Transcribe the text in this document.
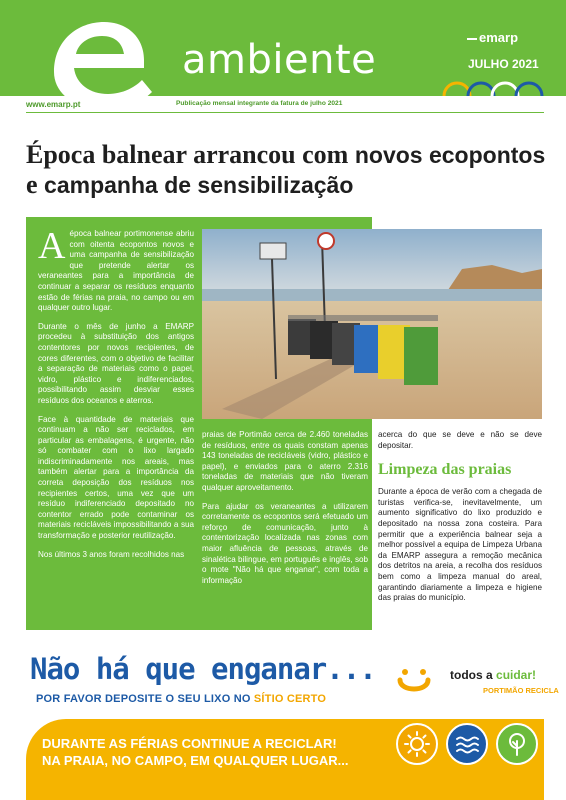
ambiente	emarp
JULHO 2021
www.emarp.pt	Publicação mensal integrante da fatura de julho 2021
Época balnear arrancou com novos ecopontos e campanha de sensibilização

Aépoca balnear portimonense abriu com oitenta ecopontos novos e uma campanha de sensibilização que pretende alertar os veraneantes para a importância de continuar a separar os resíduos enquanto estão de férias na praia, no campo ou em qualquer outro lugar.

Durante o mês de junho a EMARP procedeu à substituição dos antigos contentores por novos recipientes, de cores diferentes, com o objetivo de facilitar a separação de materiais como o papel, vidro, plástico e indiferenciados, possibilitando assim desviar esses resíduos dos oceanos e aterros.

Face à quantidade de materiais que continuam a não ser reciclados, em particular as embalagens, é urgente, não só combater com o lixo largado indiscriminadamente nos areais, mas também alertar para a importância da correta deposição dos resíduos nos recipientes certos, uma vez que um resíduo indiferenciado depositado no contentor errado pode contaminar os materiais recicláveis impossibilitando a sua transformação e posterior reutilização.

Nos últimos 3 anos foram recolhidos nas

praias de Portimão cerca de 2.460 toneladas de resíduos, entre os quais constam apenas 143 toneladas de recicláveis (vidro, plástico e papel), e enviados para o aterro 2.316 toneladas de materiais que não tiveram qualquer aproveitamento.

Para ajudar os veraneantes a utilizarem corretamente os ecopontos será efetuado um reforço de comunicação, junto à contentorização localizada nas zonas com maior afluência de pessoas, através de sinalética bilingue, em português e inglês, sob o mote "Não há que enganar", com toda a informação

acerca do que se deve e não se deve depositar.

Limpeza das praias

Durante a época de verão com a chegada de turistas verifica-se, inevitavelmente, um aumento significativo do lixo produzido e depositado na nossa zona costeira. Para permitir que a experiência balnear seja a melhor possível a equipa de Limpeza Urbana da EMARP assegura a remoção mecânica dos detritos na areia, a recolha dos resíduos bem como a limpeza manual do areal, garantindo diariamente a limpeza e higiene das praias do município.

Não há que enganar...
POR FAVOR DEPOSITE O SEU LIXO NO SÍTIO CERTO
todos a cuidar!
PORTIMÃO RECICLA
DURANTE AS FÉRIAS CONTINUE A RECICLAR!
NA PRAIA, NO CAMPO, EM QUALQUER LUGAR...
